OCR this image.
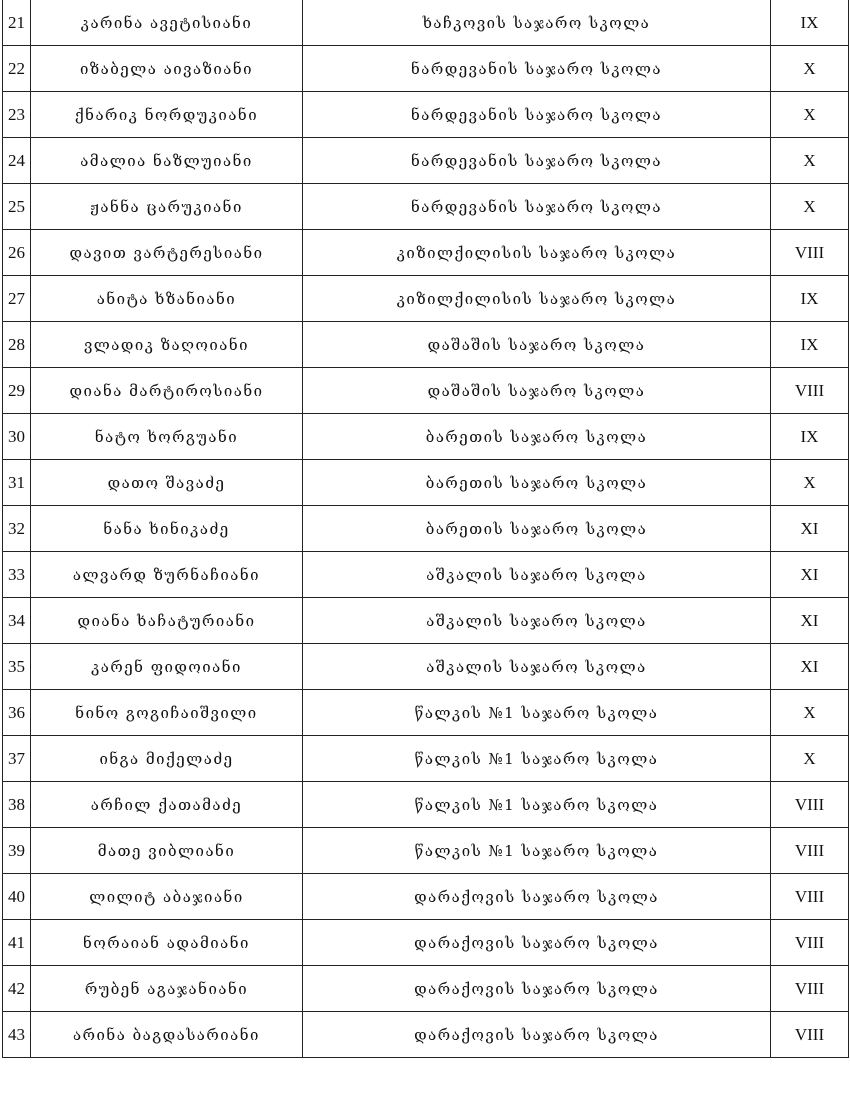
21	კარინა ავეტისიანი	ხაჩკოვის საჯარო სკოლა	IX
22	იზაბელა აივაზიანი	ნარდევანის საჯარო სკოლა	X
23	ქნარიკ ნორდუკიანი	ნარდევანის საჯარო სკოლა	X
24	ამალია ნაზლუიანი	ნარდევანის საჯარო სკოლა	X
25	ჟანნა ცარუკიანი	ნარდევანის საჯარო სკოლა	X
26	დავით ვარტერესიანი	კიზილქილისის საჯარო სკოლა	VIII
27	ანიტა ხზანიანი	კიზილქილისის საჯარო სკოლა	IX
28	ვლადიკ ზაღოიანი	დაშაშის საჯარო სკოლა	IX
29	დიანა მარტიროსიანი	დაშაშის საჯარო სკოლა	VIII
30	ნატო ხორგუანი	ბარეთის საჯარო სკოლა	IX
31	დათო შავაძე	ბარეთის საჯარო სკოლა	X
32	ნანა ხინიკაძე	ბარეთის საჯარო სკოლა	XI
33	ალვარდ ზურნაჩიანი	აშკალის საჯარო სკოლა	XI
34	დიანა ხაჩატურიანი	აშკალის საჯარო სკოლა	XI
35	კარენ ფიდოიანი	აშკალის საჯარო სკოლა	XI
36	ნინო გოგიჩაიშვილი	წალკის №1 საჯარო სკოლა	X
37	ინგა მიქელაძე	წალკის №1 საჯარო სკოლა	X
38	არჩილ ქათამაძე	წალკის №1 საჯარო სკოლა	VIII
39	მათე ვიბლიანი	წალკის №1 საჯარო სკოლა	VIII
40	ლილიტ აბაჯიანი	დარაქოვის საჯარო სკოლა	VIII
41	ნორაიან ადამიანი	დარაქოვის საჯარო სკოლა	VIII
42	რუბენ აგაჯანიანი	დარაქოვის საჯარო სკოლა	VIII
43	არინა ბაგდასარიანი	დარაქოვის საჯარო სკოლა	VIII
